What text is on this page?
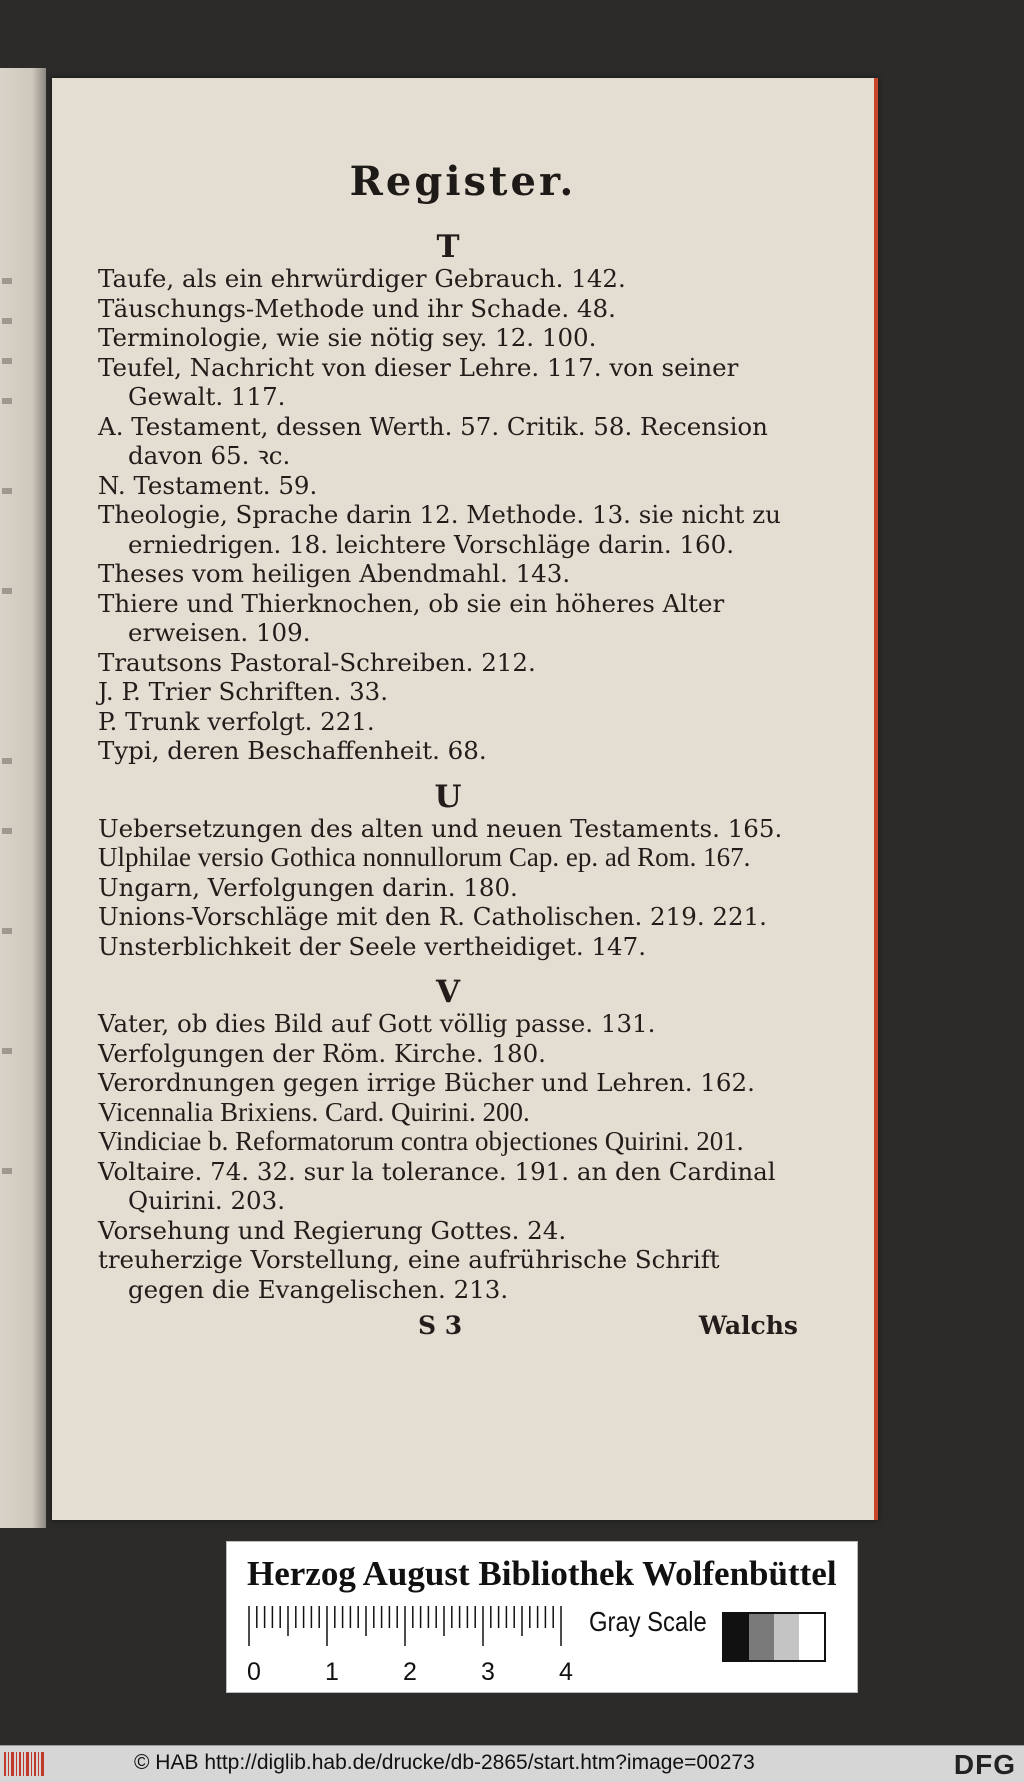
Register.
T

Taufe, als ein ehrwürdiger Gebrauch. 142.

Täuschungs-Methode und ihr Schade. 48.

Terminologie, wie sie nötig sey. 12. 100.

Teufel, Nachricht von dieser Lehre. 117. von seiner Gewalt. 117.

A. Testament, dessen Werth. 57. Critik. 58. Recension davon 65. ꝛc.

N. Testament. 59.

Theologie, Sprache darin 12. Methode. 13. sie nicht zu erniedrigen. 18. leichtere Vorschläge darin. 160.

Theses vom heiligen Abendmahl. 143.

Thiere und Thierknochen, ob sie ein höheres Alter erweisen. 109.

Trautsons Pastoral-Schreiben. 212.

J. P. Trier Schriften. 33.

P. Trunk verfolgt. 221.

Typi, deren Beschaffenheit. 68.

U

Uebersetzungen des alten und neuen Testaments. 165.

Ulphilae versio Gothica nonnullorum Cap. ep. ad Rom. 167.

Ungarn, Verfolgungen darin. 180.

Unions-Vorschläge mit den R. Catholischen. 219. 221.

Unsterblichkeit der Seele vertheidiget. 147.

V

Vater, ob dies Bild auf Gott völlig passe. 131.

Verfolgungen der Röm. Kirche. 180.

Verordnungen gegen irrige Bücher und Lehren. 162.

Vicennalia Brixiens. Card. Quirini. 200.

Vindiciae b. Reformatorum contra objectiones Quirini. 201.

Voltaire. 74. 32. sur la tolerance. 191. an den Cardinal Quirini. 203.

Vorsehung und Regierung Gottes. 24.

treuherzige Vorstellung, eine aufrührische Schrift gegen die Evangelischen. 213.

S 3	Walchs
Herzog August Bibliothek Wolfenbüttel
0	1	2	3	4
Gray Scale
© HAB http://diglib.hab.de/drucke/db-2865/start.htm?image=00273	DFG
